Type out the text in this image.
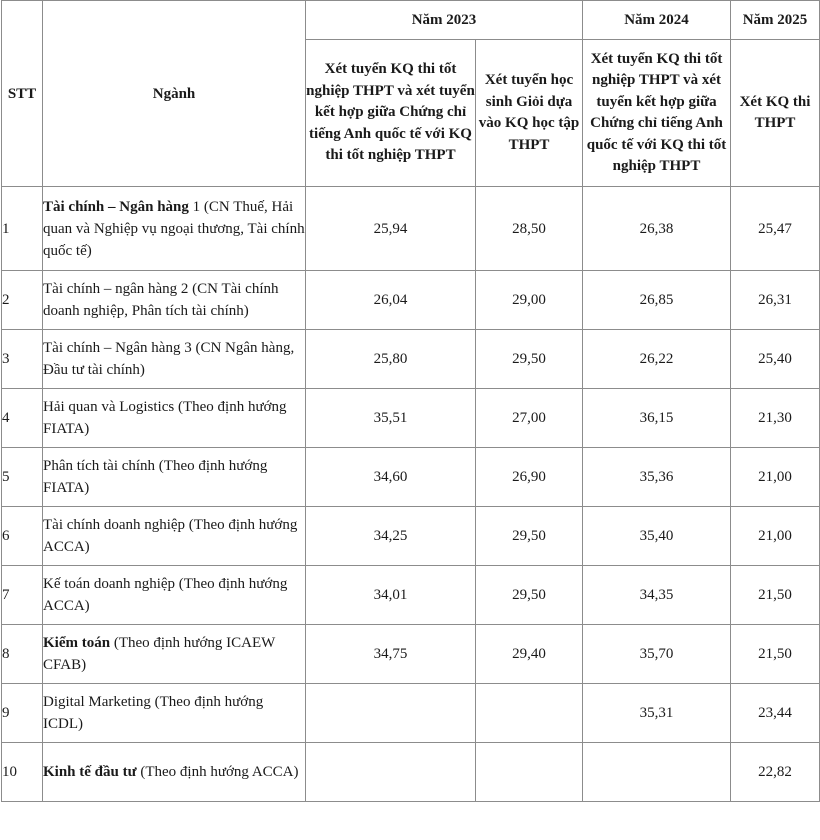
STT	Ngành	Năm 2023		Năm 2024	Năm 2025
		Xét tuyển KQ thi tốt nghiệp THPT và xét tuyển kết hợp giữa Chứng chỉ tiếng Anh quốc tế với KQ thi tốt nghiệp THPT	Xét tuyển học sinh Giỏi dựa vào KQ học tập THPT	Xét tuyển KQ thi tốt nghiệp THPT và xét tuyển kết hợp giữa Chứng chỉ tiếng Anh quốc tế với KQ thi tốt nghiệp THPT	Xét KQ thi THPT
1	Tài chính – Ngân hàng 1 (CN Thuế, Hải quan và Nghiệp vụ ngoại thương, Tài chính quốc tế)	25,94	28,50	26,38	25,47
2	Tài chính – ngân hàng 2 (CN Tài chính doanh nghiệp, Phân tích tài chính)	26,04	29,00	26,85	26,31
3	Tài chính – Ngân hàng 3 (CN Ngân hàng, Đầu tư tài chính)	25,80	29,50	26,22	25,40
4	Hải quan và Logistics (Theo định hướng FIATA)	35,51	27,00	36,15	21,30
5	Phân tích tài chính (Theo định hướng FIATA)	34,60	26,90	35,36	21,00
6	Tài chính doanh nghiệp (Theo định hướng ACCA)	34,25	29,50	35,40	21,00
7	Kế toán doanh nghiệp (Theo định hướng ACCA)	34,01	29,50	34,35	21,50
8	Kiểm toán (Theo định hướng ICAEW CFAB)	34,75	29,40	35,70	21,50
9	Digital Marketing (Theo định hướng ICDL)			35,31	23,44
10	Kinh tế đầu tư (Theo định hướng ACCA)				22,82
